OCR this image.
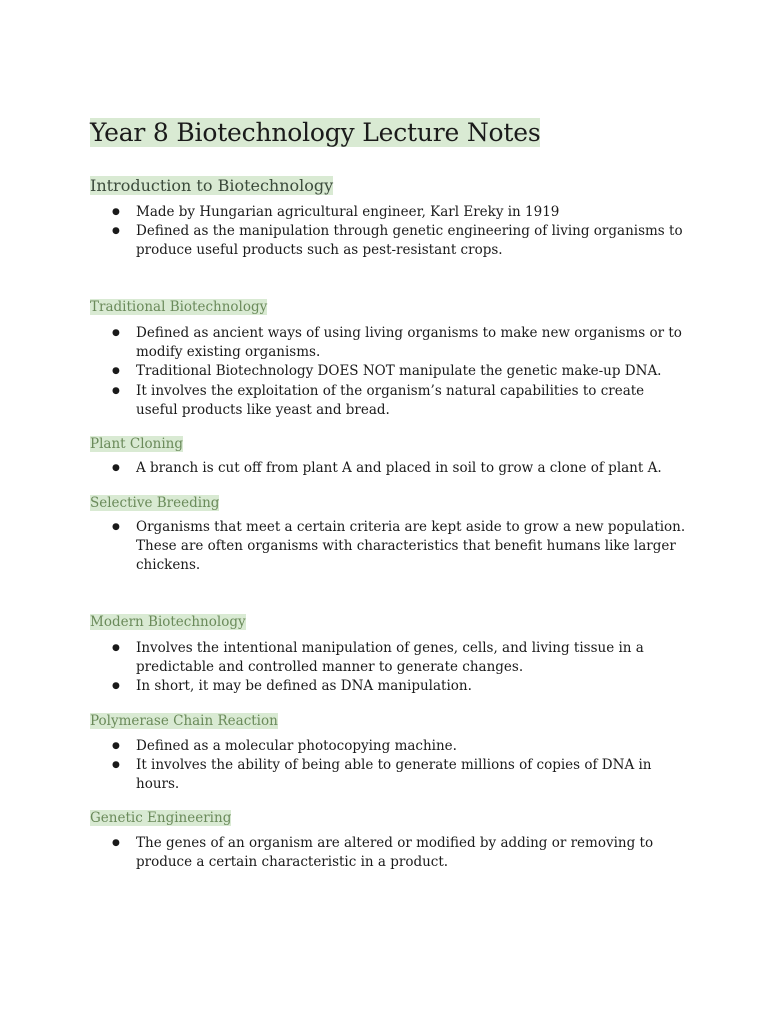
Year 8 Biotechnology Lecture Notes
Introduction to Biotechnology
● Made by Hungarian agricultural engineer, Karl Ereky in 1919
● Defined as the manipulation through genetic engineering of living organisms to produce useful products such as pest-resistant crops.
Traditional Biotechnology
● Defined as ancient ways of using living organisms to make new organisms or to modify existing organisms.
● Traditional Biotechnology DOES NOT manipulate the genetic make-up DNA.
● It involves the exploitation of the organism’s natural capabilities to create useful products like yeast and bread.
Plant Cloning
● A branch is cut off from plant A and placed in soil to grow a clone of plant A.
Selective Breeding
● Organisms that meet a certain criteria are kept aside to grow a new population. These are often organisms with characteristics that benefit humans like larger chickens.
Modern Biotechnology
● Involves the intentional manipulation of genes, cells, and living tissue in a predictable and controlled manner to generate changes.
● In short, it may be defined as DNA manipulation.
Polymerase Chain Reaction
● Defined as a molecular photocopying machine.
● It involves the ability of being able to generate millions of copies of DNA in hours.
Genetic Engineering
● The genes of an organism are altered or modified by adding or removing to produce a certain characteristic in a product.
